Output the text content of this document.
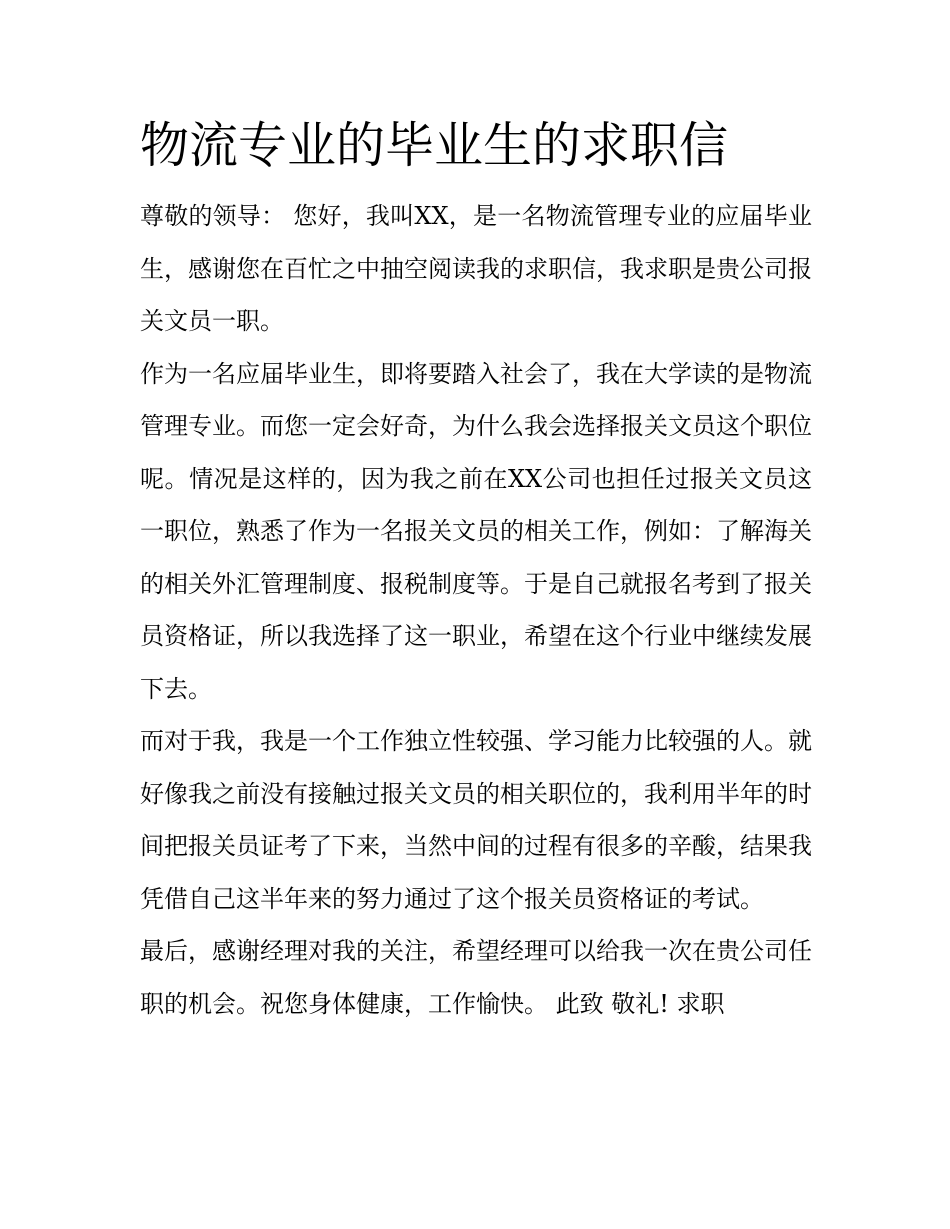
物流专业的毕业生的求职信

尊敬的领导： 您好，我叫XX，是一名物流管理专业的应届毕业生，感谢您在百忙之中抽空阅读我的求职信，我求职是贵公司报关文员一职。

作为一名应届毕业生，即将要踏入社会了，我在大学读的是物流管理专业。而您一定会好奇，为什么我会选择报关文员这个职位呢。情况是这样的，因为我之前在XX公司也担任过报关文员这一职位，熟悉了作为一名报关文员的相关工作，例如：了解海关的相关外汇管理制度、报税制度等。于是自己就报名考到了报关员资格证，所以我选择了这一职业，希望在这个行业中继续发展下去。

而对于我，我是一个工作独立性较强、学习能力比较强的人。就好像我之前没有接触过报关文员的相关职位的，我利用半年的时间把报关员证考了下来，当然中间的过程有很多的辛酸，结果我凭借自己这半年来的努力通过了这个报关员资格证的考试。

最后，感谢经理对我的关注，希望经理可以给我一次在贵公司任职的机会。祝您身体健康，工作愉快。 此致 敬礼! 求职
